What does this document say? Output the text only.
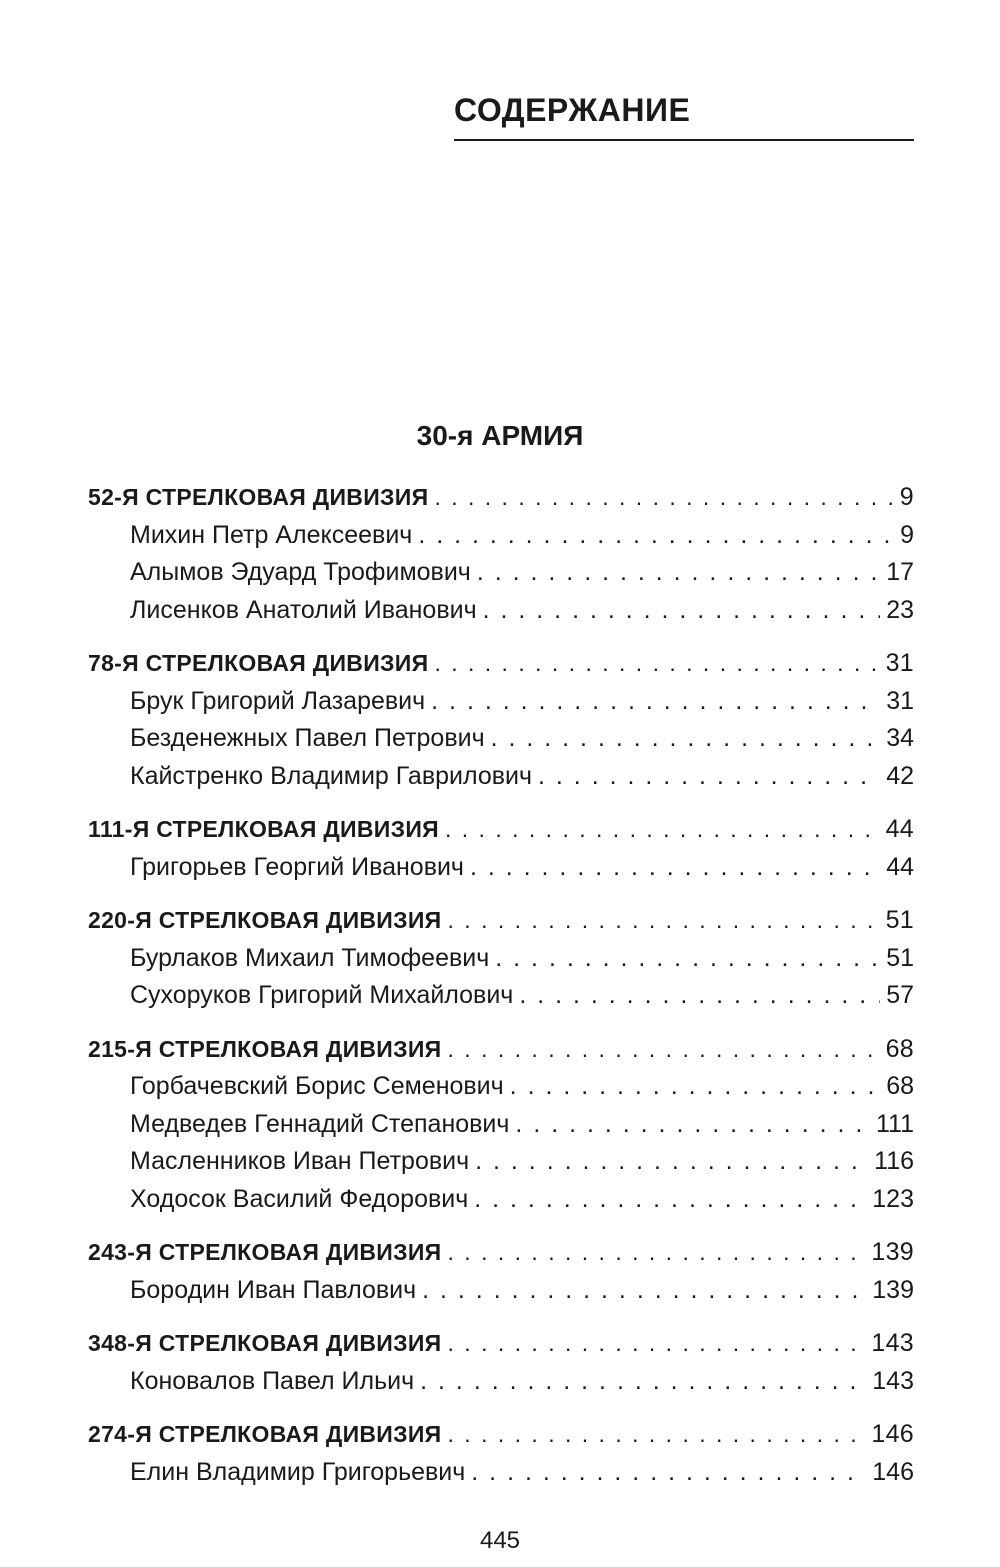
СОДЕРЖАНИЕ
30-я АРМИЯ
52-Я СТРЕЛКОВАЯ ДИВИЗИЯ . . .	9
Михин Петр Алексеевич . . .	9
Алымов Эдуард Трофимович . . .	17
Лисенков Анатолий Иванович . . .	23
78-Я СТРЕЛКОВАЯ ДИВИЗИЯ . . .	31
Брук Григорий Лазаревич . . .	31
Безденежных Павел Петрович . . .	34
Кайстренко Владимир Гаврилович . . .	42
111-Я СТРЕЛКОВАЯ ДИВИЗИЯ . . .	44
Григорьев Георгий Иванович . . .	44
220-Я СТРЕЛКОВАЯ ДИВИЗИЯ . . .	51
Бурлаков Михаил Тимофеевич . . .	51
Сухоруков Григорий Михайлович . . .	57
215-Я СТРЕЛКОВАЯ ДИВИЗИЯ . . .	68
Горбачевский Борис Семенович . . .	68
Медведев Геннадий Степанович . . .	111
Масленников Иван Петрович . . .	116
Ходосок Василий Федорович . . .	123
243-Я СТРЕЛКОВАЯ ДИВИЗИЯ . . .	139
Бородин Иван Павлович . . .	139
348-Я СТРЕЛКОВАЯ ДИВИЗИЯ . . .	143
Коновалов Павел Ильич . . .	143
274-Я СТРЕЛКОВАЯ ДИВИЗИЯ . . .	146
Елин Владимир Григорьевич . . .	146
445
